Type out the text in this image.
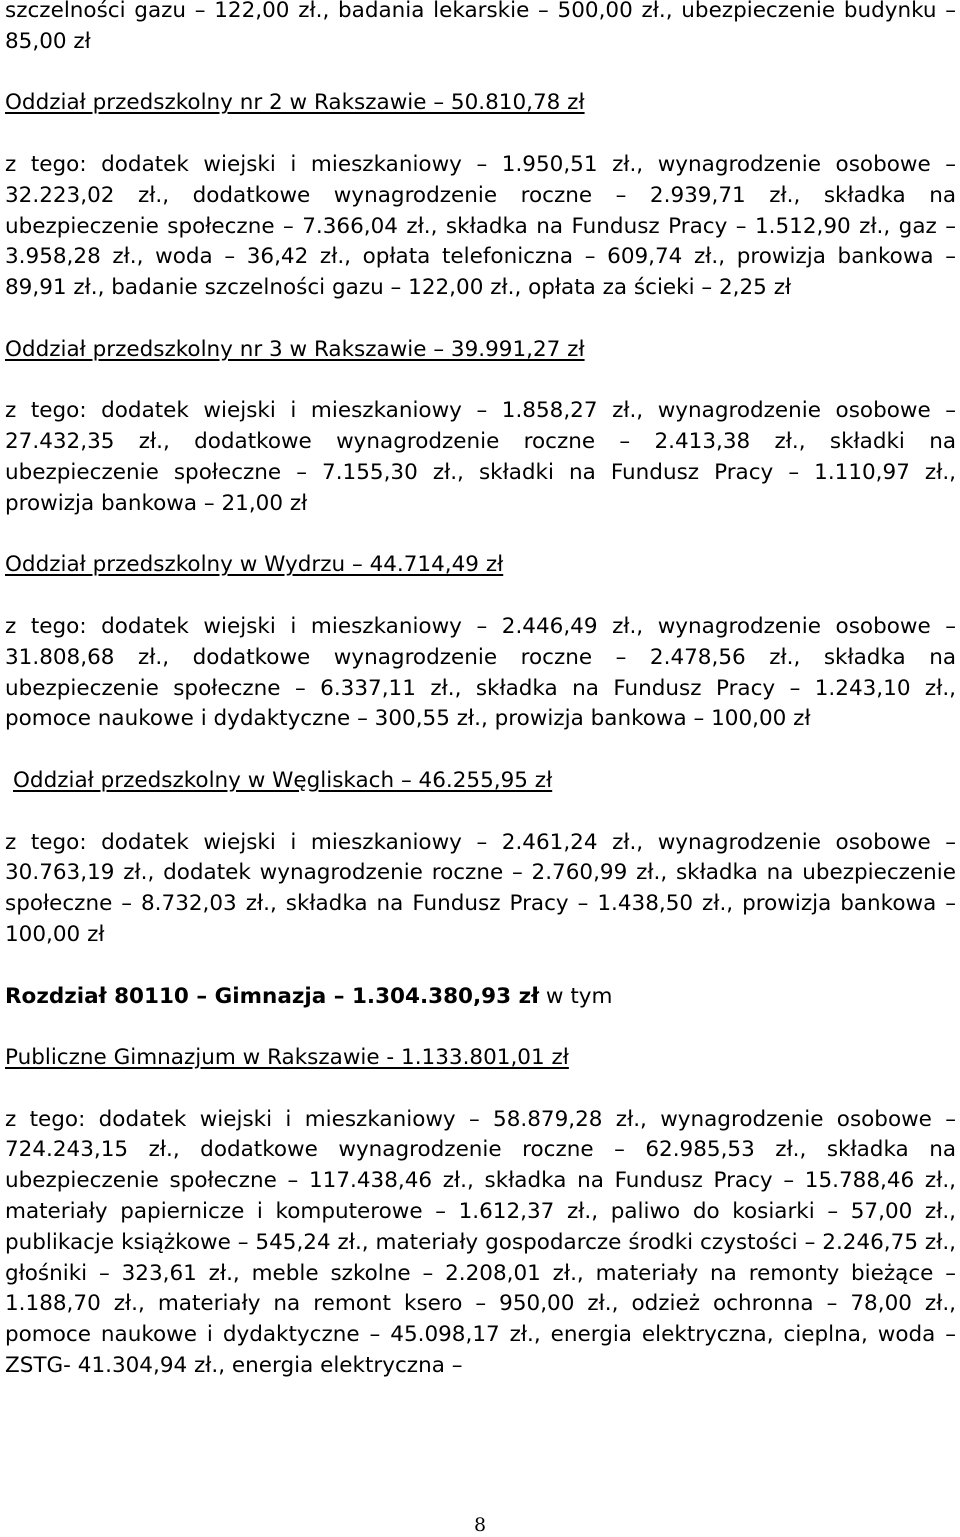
szczelności gazu – 122,00 zł., badania lekarskie – 500,00 zł., ubezpieczenie budynku – 85,00 zł

Oddział przedszkolny nr 2 w Rakszawie – 50.810,78 zł

z tego: dodatek wiejski i mieszkaniowy – 1.950,51 zł., wynagrodzenie osobowe – 32.223,02 zł., dodatkowe wynagrodzenie roczne – 2.939,71 zł., składka na ubezpieczenie społeczne – 7.366,04 zł., składka na Fundusz Pracy – 1.512,90 zł., gaz – 3.958,28 zł., woda – 36,42 zł., opłata telefoniczna – 609,74 zł., prowizja bankowa – 89,91 zł., badanie szczelności gazu – 122,00 zł., opłata za ścieki – 2,25 zł

Oddział przedszkolny nr 3 w Rakszawie – 39.991,27 zł

z tego: dodatek wiejski i mieszkaniowy – 1.858,27 zł., wynagrodzenie osobowe – 27.432,35 zł., dodatkowe wynagrodzenie roczne – 2.413,38 zł., składki na ubezpieczenie społeczne – 7.155,30 zł., składki na Fundusz Pracy – 1.110,97 zł., prowizja bankowa – 21,00 zł

Oddział przedszkolny w Wydrzu – 44.714,49 zł

z tego: dodatek wiejski i mieszkaniowy – 2.446,49 zł., wynagrodzenie osobowe – 31.808,68 zł., dodatkowe wynagrodzenie roczne – 2.478,56 zł., składka na ubezpieczenie społeczne – 6.337,11 zł., składka na Fundusz Pracy – 1.243,10 zł., pomoce naukowe i dydaktyczne – 300,55 zł., prowizja bankowa – 100,00 zł

Oddział przedszkolny w Węgliskach – 46.255,95 zł

z tego: dodatek wiejski i mieszkaniowy – 2.461,24 zł., wynagrodzenie osobowe – 30.763,19 zł., dodatek wynagrodzenie roczne – 2.760,99 zł., składka na ubezpieczenie społeczne – 8.732,03 zł., składka na Fundusz Pracy – 1.438,50 zł., prowizja bankowa – 100,00 zł

Rozdział 80110 – Gimnazja – 1.304.380,93 zł w tym

Publiczne Gimnazjum w Rakszawie - 1.133.801,01 zł

z tego: dodatek wiejski i mieszkaniowy – 58.879,28 zł., wynagrodzenie osobowe – 724.243,15 zł., dodatkowe wynagrodzenie roczne – 62.985,53 zł., składka na ubezpieczenie społeczne – 117.438,46 zł., składka na Fundusz Pracy – 15.788,46 zł., materiały papiernicze i komputerowe – 1.612,37 zł., paliwo do kosiarki – 57,00 zł., publikacje książkowe – 545,24 zł., materiały gospodarcze środki czystości – 2.246,75 zł., głośniki – 323,61 zł., meble szkolne – 2.208,01 zł., materiały na remonty bieżące – 1.188,70 zł., materiały na remont ksero – 950,00 zł., odzież ochronna – 78,00 zł., pomoce naukowe i dydaktyczne – 45.098,17 zł., energia elektryczna, cieplna, woda – ZSTG- 41.304,94 zł., energia elektryczna –

8
